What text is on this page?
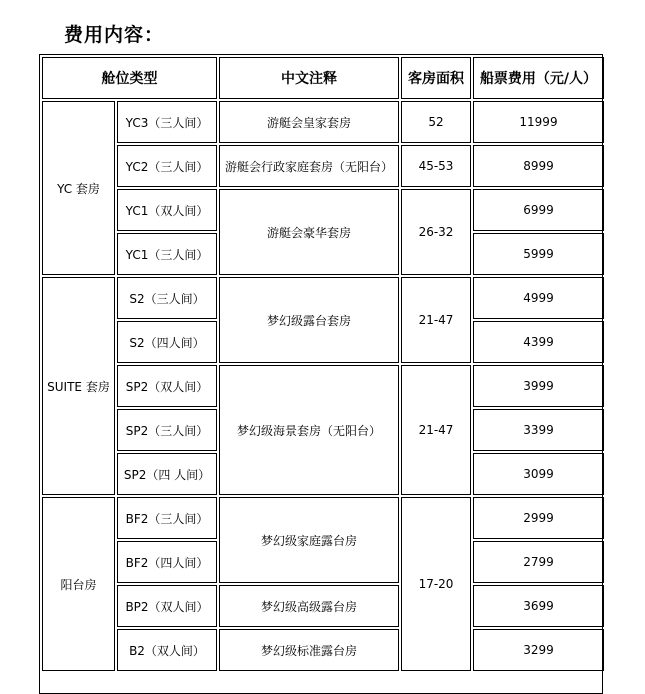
费用内容：
舱位类型		中文注释	客房面积	船票费用（元/人）
YC 套房	YC3（三人间）	游艇会皇家套房	52	11999
	YC2（三人间）	游艇会行政家庭套房（无阳台）	45-53	8999
	YC1（双人间）	游艇会豪华套房	26-32	6999
	YC1（三人间）			5999
SUITE 套房	S2（三人间）	梦幻级露台套房	21-47	4999
	S2（四人间）			4399
	SP2（双人间）	梦幻级海景套房（无阳台）	21-47	3999
	SP2（三人间）			3399
	SP2（四 人间）			3099
阳台房	BF2（三人间）	梦幻级家庭露台房	17-20	2999
	BF2（四人间）			2799
	BP2（双人间）	梦幻级高级露台房		3699
	B2（双人间）	梦幻级标准露台房		3299
